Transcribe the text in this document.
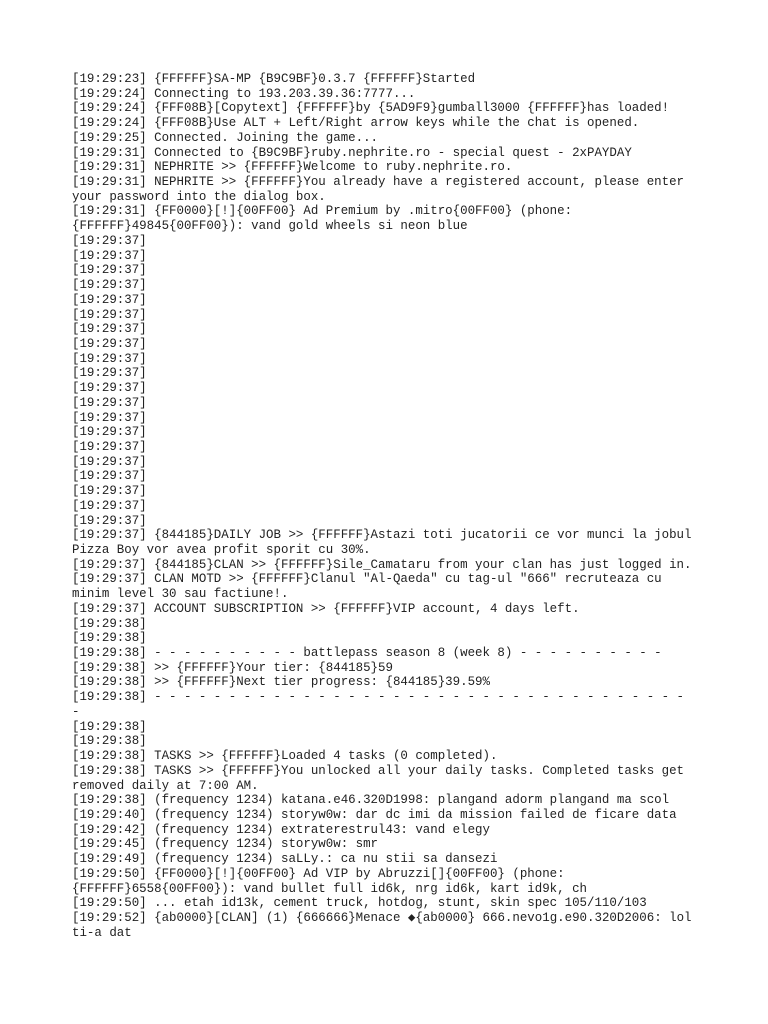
[19:29:23] {FFFFFF}SA-MP {B9C9BF}0.3.7 {FFFFFF}Started
[19:29:24] Connecting to 193.203.39.36:7777...
[19:29:24] {FFF08B}[Copytext] {FFFFFF}by {5AD9F9}gumball3000 {FFFFFF}has loaded!
[19:29:24] {FFF08B}Use ALT + Left/Right arrow keys while the chat is opened.
[19:29:25] Connected. Joining the game...
[19:29:31] Connected to {B9C9BF}ruby.nephrite.ro - special quest - 2xPAYDAY
[19:29:31] NEPHRITE >> {FFFFFF}Welcome to ruby.nephrite.ro.
[19:29:31] NEPHRITE >> {FFFFFF}You already have a registered account, please enter
your password into the dialog box.
[19:29:31] {FF0000}[!]{00FF00} Ad Premium by .mitro{00FF00} (phone:
{FFFFFF}49845{00FF00}): vand gold wheels si neon blue
[19:29:37]
[19:29:37]
[19:29:37]
[19:29:37]
[19:29:37]
[19:29:37]
[19:29:37]
[19:29:37]
[19:29:37]
[19:29:37]
[19:29:37]
[19:29:37]
[19:29:37]
[19:29:37]
[19:29:37]
[19:29:37]
[19:29:37]
[19:29:37]
[19:29:37]
[19:29:37]
[19:29:37] {844185}DAILY JOB >> {FFFFFF}Astazi toti jucatorii ce vor munci la jobul
Pizza Boy vor avea profit sporit cu 30%.
[19:29:37] {844185}CLAN >> {FFFFFF}Sile_Camataru from your clan has just logged in.
[19:29:37] CLAN MOTD >> {FFFFFF}Clanul "Al-Qaeda" cu tag-ul "666" recruteaza cu
minim level 30 sau factiune!.
[19:29:37] ACCOUNT SUBSCRIPTION >> {FFFFFF}VIP account, 4 days left.
[19:29:38]
[19:29:38]
[19:29:38] - - - - - - - - - - battlepass season 8 (week 8) - - - - - - - - - -
[19:29:38] >> {FFFFFF}Your tier: {844185}59
[19:29:38] >> {FFFFFF}Next tier progress: {844185}39.59%
[19:29:38] - - - - - - - - - - - - - - - - - - - - - - - - - - - - - - - - - - - -
-
[19:29:38]
[19:29:38]
[19:29:38] TASKS >> {FFFFFF}Loaded 4 tasks (0 completed).
[19:29:38] TASKS >> {FFFFFF}You unlocked all your daily tasks. Completed tasks get
removed daily at 7:00 AM.
[19:29:38] (frequency 1234) katana.e46.320D1998: plangand adorm plangand ma scol
[19:29:40] (frequency 1234) storyw0w: dar dc imi da mission failed de ficare data
[19:29:42] (frequency 1234) extraterestrul43: vand elegy
[19:29:45] (frequency 1234) storyw0w: smr
[19:29:49] (frequency 1234) saLLy.: ca nu stii sa dansezi
[19:29:50] {FF0000}[!]{00FF00} Ad VIP by Abruzzi[]{00FF00} (phone:
{FFFFFF}6558{00FF00}): vand bullet full id6k, nrg id6k, kart id9k, ch
[19:29:50] ... etah id13k, cement truck, hotdog, stunt, skin spec 105/110/103
[19:29:52] {ab0000}[CLAN] (1) {666666}Menace ◆{ab0000} 666.nevo1g.e90.320D2006: lol
ti-a dat
